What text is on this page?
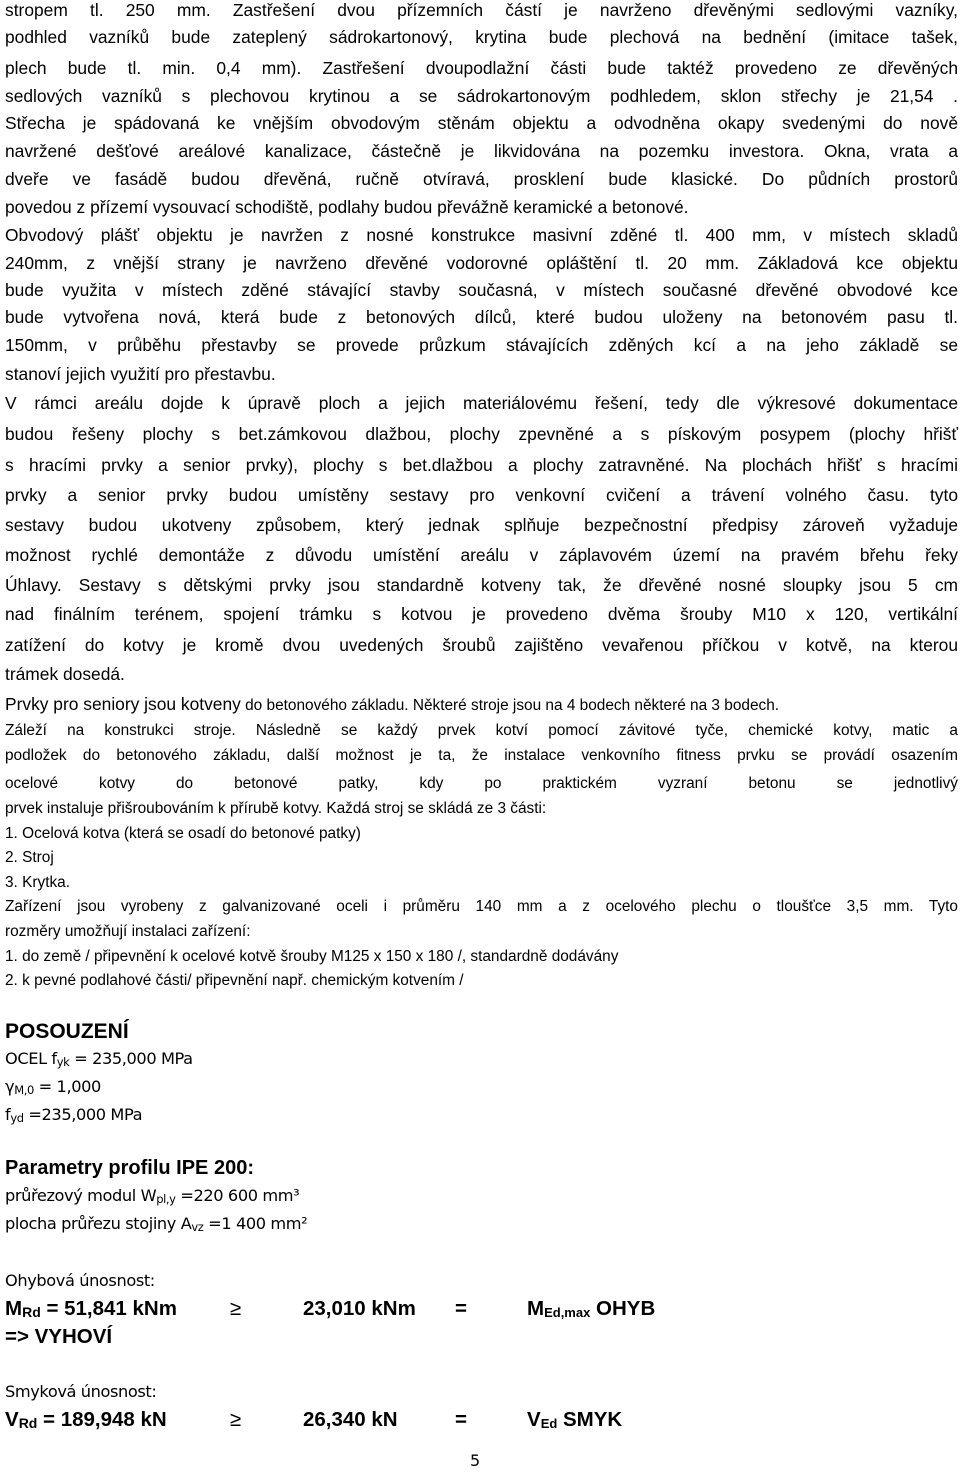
stropem tl. 250 mm. Zastřešení dvou přízemních částí je navrženo dřevěnými sedlovými vazníky,
podhled vazníků bude zateplený sádrokartonový, krytina bude plechová na bednění (imitace tašek,
plech bude tl. min. 0,4 mm). Zastřešení dvoupodlažní části bude taktéž provedeno ze dřevěných
sedlových vazníků s plechovou krytinou a se sádrokartonovým podhledem, sklon střechy je 21,54 .
Střecha je spádovaná ke vnějším obvodovým stěnám objektu a odvodněna okapy svedenými do nově
navržené dešťové areálové kanalizace, částečně je likvidována na pozemku investora. Okna, vrata a
dveře ve fasádě budou dřevěná, ručně otvíravá, prosklení bude klasické. Do půdních prostorů
povedou z přízemí vysouvací schodiště, podlahy budou převážně keramické a betonové.
Obvodový plášť objektu je navržen z nosné konstrukce masivní zděné tl. 400 mm, v místech skladů
240mm, z vnější strany je navrženo dřevěné vodorovné opláštění tl. 20 mm. Základová kce objektu
bude využita v místech zděné stávající stavby současná, v místech současné dřevěné obvodové kce
bude vytvořena nová, která bude z betonových dílců, které budou uloženy na betonovém pasu tl.
150mm, v průběhu přestavby se provede průzkum stávajících zděných kcí a na jeho základě se
stanoví jejich využití pro přestavbu.
V rámci areálu dojde k úpravě ploch a jejich materiálovému řešení, tedy dle výkresové dokumentace
budou řešeny plochy s bet.zámkovou dlažbou, plochy zpevněné a s pískovým posypem (plochy hřišť
s hracími prvky a senior prvky), plochy s bet.dlažbou a plochy zatravněné. Na plochách hřišť s hracími
prvky a senior prvky budou umístěny sestavy pro venkovní cvičení a trávení volného času. tyto
sestavy budou ukotveny způsobem, který jednak splňuje bezpečnostní předpisy zároveň vyžaduje
možnost rychlé demontáže z důvodu umístění areálu v záplavovém území na pravém břehu řeky
Úhlavy. Sestavy s dětskými prvky jsou standardně kotveny tak, že dřevěné nosné sloupky jsou 5 cm
nad finálním terénem, spojení trámku s kotvou je provedeno dvěma šrouby M10 x 120, vertikální
zatížení do kotvy je kromě dvou uvedených šroubů zajištěno vevařenou příčkou v kotvě, na kterou
trámek dosedá.
Prvky pro seniory jsou kotveny do betonového základu. Některé stroje jsou na 4 bodech některé na 3 bodech.
Záleží na konstrukci stroje. Následně se každý prvek kotví pomocí závitové tyče, chemické kotvy, matic a
podložek do betonového základu, další možnost je ta, že instalace venkovního fitness prvku se provádí osazením
ocelové kotvy do betonové patky, kdy po praktickém vyzraní betonu se jednotlivý
prvek instaluje přišroubováním k přírubě kotvy. Každá stroj se skládá ze 3 části:
1. Ocelová kotva (která se osadí do betonové patky)
2. Stroj
3. Krytka.
Zařízení jsou vyrobeny z galvanizované oceli i průměru 140 mm a z ocelového plechu o tloušťce 3,5 mm. Tyto
rozměry umožňují instalaci zařízení:
1. do země / připevnění k ocelové kotvě šrouby M125 x 150 x 180 /, standardně dodávány
2. k pevné podlahové části/ připevnění např. chemickým kotvením /
POSOUZENÍ
OCEL $f_{yk} = 235,000$ MPa
$\gamma_{M,0} = 1,000$
$f_{yd} =235,000$ MPa
Parametry profilu IPE 200:
průřezový modul $W_{pl,y} =220$ 600 mm³
plocha průřezu stojiny $A_{vz} =1$ 400 mm²
Ohybová únosnost:
$M_{Rd} = 51,841$ kNm	≥	23,010 kNm =	$M_{Ed,max}$ OHYB
=> VYHOVÍ
Smyková únosnost:
$V_{Rd} = 189,948$ kN	≥	26,340 kN	=	$V_{Ed}$ SMYK
5
